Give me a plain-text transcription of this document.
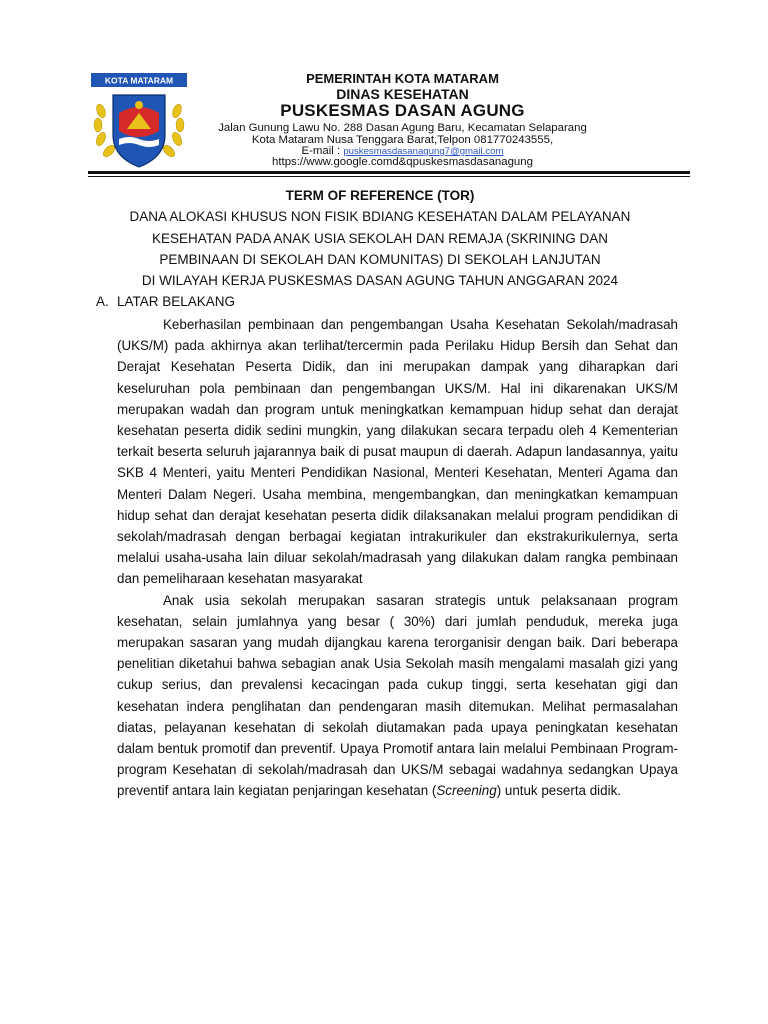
KOTA MATARAM	PEMERINTAH KOTA MATARAM
DINAS KESEHATAN
PUSKESMAS DASAN AGUNG
Jalan Gunung Lawu No. 288 Dasan Agung Baru, Kecamatan Selaparang
Kota Mataram Nusa Tenggara Barat,Telpon 081770243555,
E-mail : puskesmasdasanagung7@gmail.com
https://www.google.comd&qpuskesmasdasanagung
TERM OF REFERENCE (TOR)
DANA ALOKASI KHUSUS NON FISIK BDIANG KESEHATAN DALAM PELAYANAN
KESEHATAN PADA ANAK USIA SEKOLAH DAN REMAJA (SKRINING DAN
PEMBINAAN DI SEKOLAH DAN KOMUNITAS) DI SEKOLAH LANJUTAN
DI WILAYAH KERJA PUSKESMAS DASAN AGUNG TAHUN ANGGARAN 2024
A. LATAR BELAKANG

Keberhasilan pembinaan dan pengembangan Usaha Kesehatan Sekolah/madrasah (UKS/M) pada akhirnya akan terlihat/tercermin pada Perilaku Hidup Bersih dan Sehat dan Derajat Kesehatan Peserta Didik, dan ini merupakan dampak yang diharapkan dari keseluruhan pola pembinaan dan pengembangan UKS/M. Hal ini dikarenakan UKS/M merupakan wadah dan program untuk meningkatkan kemampuan hidup sehat dan derajat kesehatan peserta didik sedini mungkin, yang dilakukan secara terpadu oleh 4 Kementerian terkait beserta seluruh jajarannya baik di pusat maupun di daerah. Adapun landasannya, yaitu SKB 4 Menteri, yaitu Menteri Pendidikan Nasional, Menteri Kesehatan, Menteri Agama dan Menteri Dalam Negeri. Usaha membina, mengembangkan, dan meningkatkan kemampuan hidup sehat dan derajat kesehatan peserta didik dilaksanakan melalui program pendidikan di sekolah/madrasah dengan berbagai kegiatan intrakurikuler dan ekstrakurikulernya, serta melalui usaha-usaha lain diluar sekolah/madrasah yang dilakukan dalam rangka pembinaan dan pemeliharaan kesehatan masyarakat

Anak usia sekolah merupakan sasaran strategis untuk pelaksanaan program kesehatan, selain jumlahnya yang besar ( 30%) dari jumlah penduduk, mereka juga merupakan sasaran yang mudah dijangkau karena terorganisir dengan baik. Dari beberapa penelitian diketahui bahwa sebagian anak Usia Sekolah masih mengalami masalah gizi yang cukup serius, dan prevalensi kecacingan pada cukup tinggi, serta kesehatan gigi dan kesehatan indera penglihatan dan pendengaran masih ditemukan. Melihat permasalahan diatas, pelayanan kesehatan di sekolah diutamakan pada upaya peningkatan kesehatan dalam bentuk promotif dan preventif. Upaya Promotif antara lain melalui Pembinaan Program-program Kesehatan di sekolah/madrasah dan UKS/M sebagai wadahnya sedangkan Upaya preventif antara lain kegiatan penjaringan kesehatan (Screening) untuk peserta didik.
